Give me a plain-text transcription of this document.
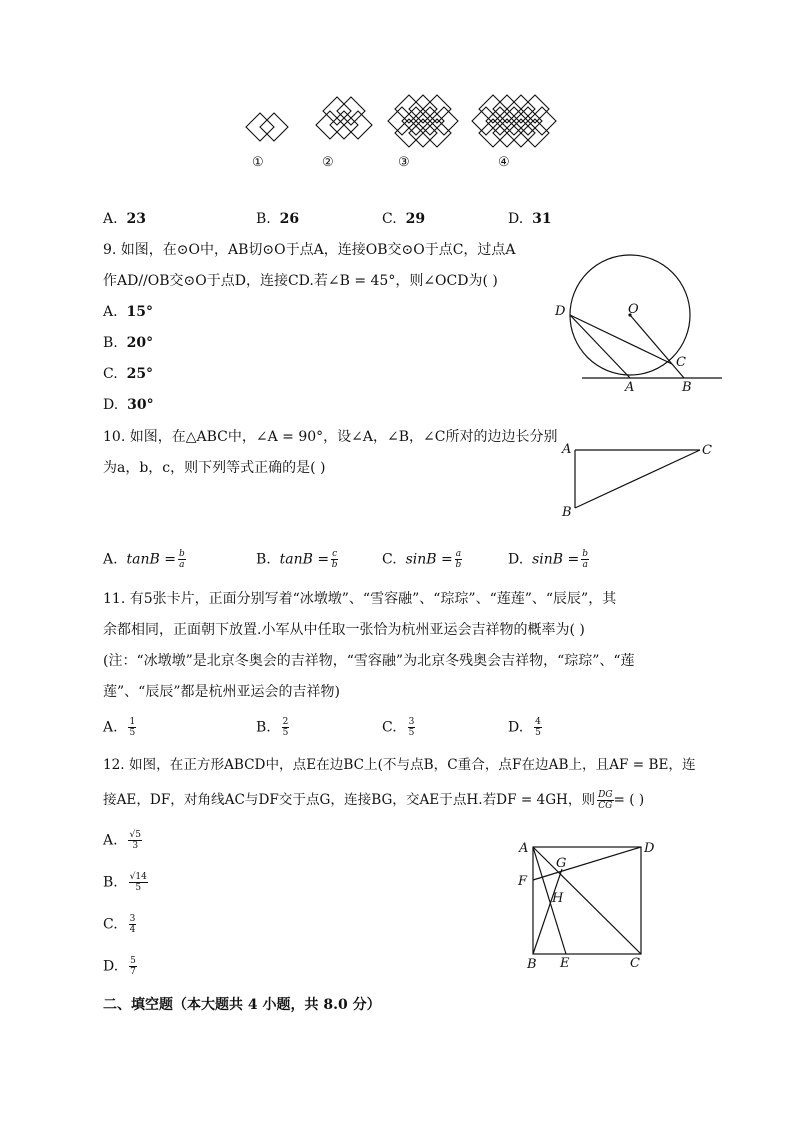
①	②	③	④
A. 23	B. 26	C. 29	D. 31
9. 如图，在⊙O中，AB切⊙O于点A，连接OB交⊙O于点C，过点A
作AD//OB交⊙O于点D，连接CD.若∠B = 45°，则∠OCD为( )
A. 15°
B. 20°
C. 25°
D. 30°
D	O
C
A	B
10. 如图，在△ABC中，∠A = 90°，设∠A，∠B，∠C所对的边边长分别
为a，b，c，则下列等式正确的是( )
A	C
B
A. $\tan B = \frac{b}{a}$	B. $\tan B = \frac{c}{b}$	C. $\sin B = \frac{a}{b}$	D. $\sin B = \frac{b}{a}$
11. 有5张卡片，正面分别写着“冰墩墩”、“雪容融”、“琮琮”、“莲莲”、“辰辰”，其
余都相同，正面朝下放置.小军从中任取一张恰为杭州亚运会吉祥物的概率为( )
(注：“冰墩墩”是北京冬奥会的吉祥物，“雪容融”为北京冬残奥会吉祥物，“琮琮”、“莲
莲”、“辰辰”都是杭州亚运会的吉祥物)
A. $\frac{1}{5}$	B. $\frac{2}{5}$	C. $\frac{3}{5}$	D. $\frac{4}{5}$
12. 如图，在正方形ABCD中，点E在边BC上(不与点B，C重合，点F在边AB上，且AF = BE，连
接AE，DF，对角线AC与DF交于点G，连接BG，交AE于点H.若DF = 4GH，则 $\frac{DG}{CG}$ = ( )
A. $\frac{√5}{3}$
B. $\frac{√14}{5}$
C. $\frac{3}{4}$
D. $\frac{5}{7}$
A	D
G
F
H
B E	C
二、填空题（本大题共 4 小题，共 8.0 分）
